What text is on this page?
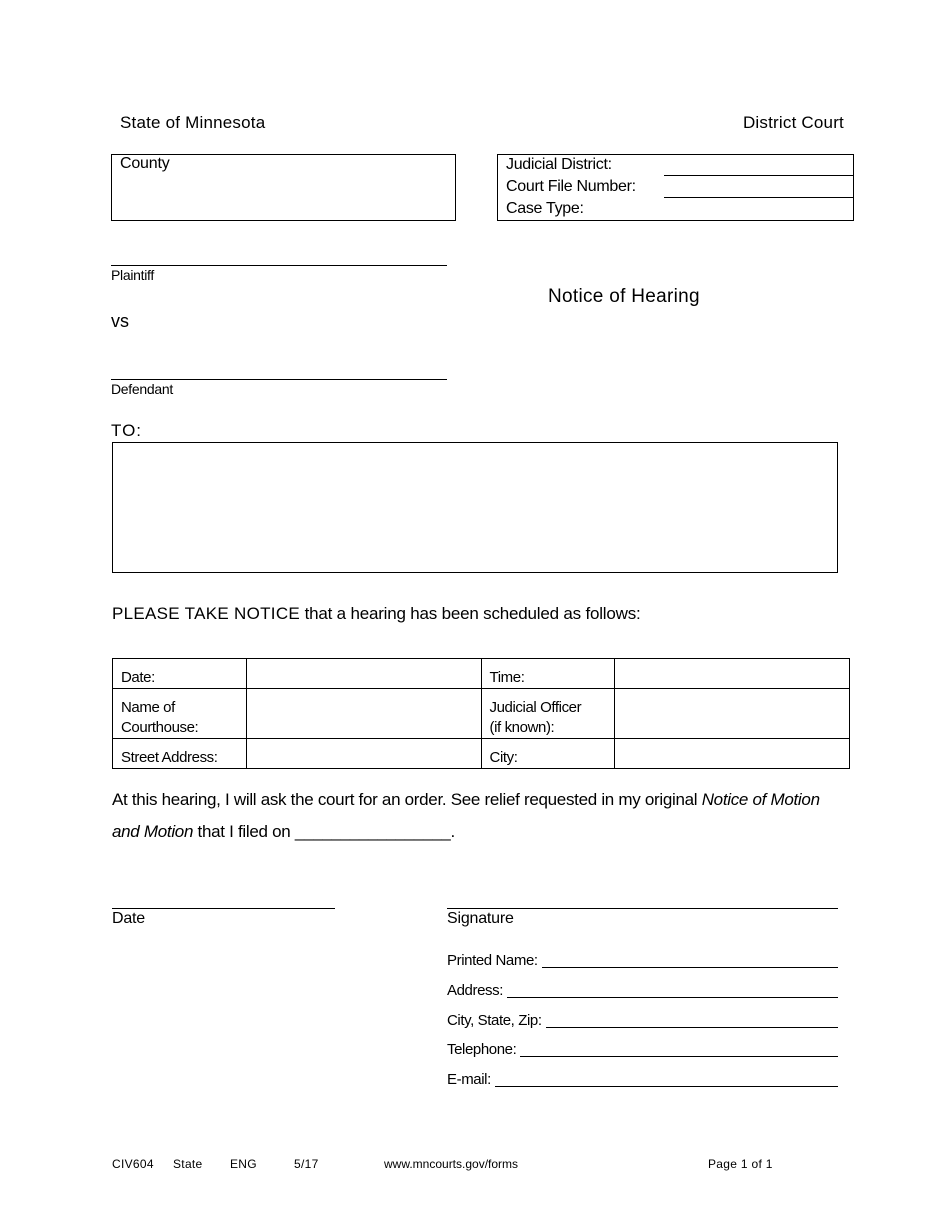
State of Minnesota	District Court
County	Judicial District:
Court File Number:
Case Type:
Plaintiff
vs
Defendant
Notice of Hearing
TO:
PLEASE TAKE NOTICE that a hearing has been scheduled as follows:
Date:		Time:	
Name of
Courthouse:		Judicial Officer
(if known):	
Street Address:		City:	
At this hearing, I will ask the court for an order. See relief requested in my original Notice of Motion and Motion that I filed on _________________.
Date	Signature
Printed Name:
Address:
City, State, Zip:
Telephone:
E-mail:
CIV604 State ENG	5/17	www.mncourts.gov/forms	Page 1 of 1
